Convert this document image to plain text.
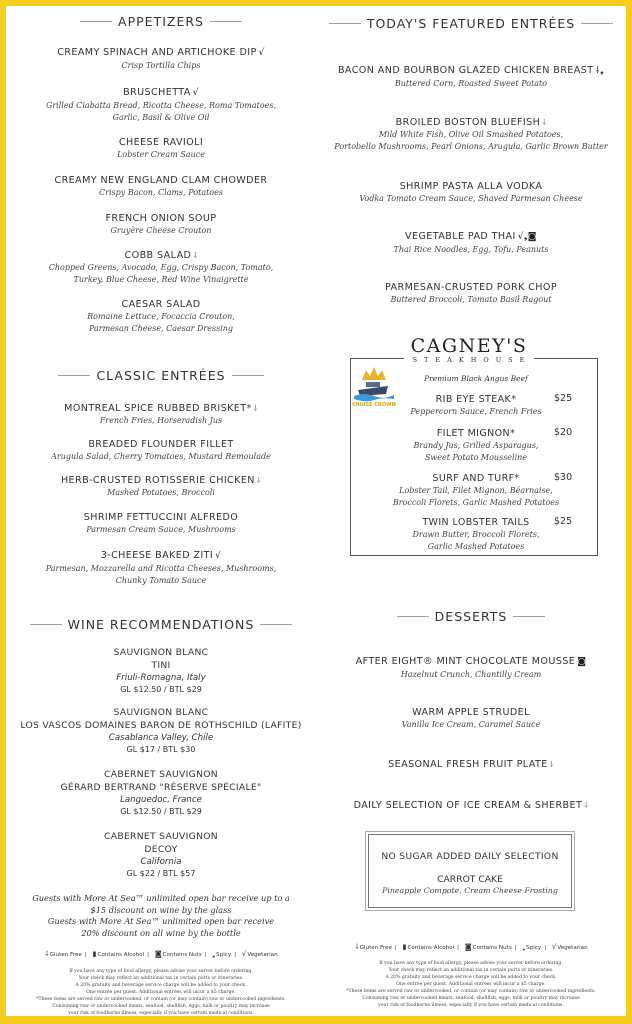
APPETIZERS
CREAMY SPINACH AND ARTICHOKE DIP √
Crisp Tortilla Chips
BRUSCHETTA √
Grilled Ciabatta Bread, Ricotta Cheese, Roma Tomatoes,
Garlic, Basil & Olive Oil
CHEESE RAVIOLI
Lobster Cream Sauce
CREAMY NEW ENGLAND CLAM CHOWDER
Crispy Bacon, Clams, Potatoes
FRENCH ONION SOUP
Gruyère Cheese Crouton
COBB SALAD ⸸
Chopped Greens, Avocado, Egg, Crispy Bacon, Tomato,
Turkey, Blue Cheese, Red Wine Vinaigrette
CAESAR SALAD
Romaine Lettuce, Focaccia Crouton,
Parmesan Cheese, Caesar Dressing
CLASSIC ENTRÉES
MONTREAL SPICE RUBBED BRISKET* ⸸
French Fries, Horseradish Jus
BREADED FLOUNDER FILLET
Arugula Salad, Cherry Tomatoes, Mustard Remoulade
HERB-CRUSTED ROTISSERIE CHICKEN ⸸
Mashed Potatoes, Broccoli
SHRIMP FETTUCCINI ALFREDO
Parmesan Cream Sauce, Mushrooms
3-CHEESE BAKED ZITI √
Parmesan, Mozzarella and Ricotta Cheeses, Mushrooms,
Chunky Tomato Sauce
WINE RECOMMENDATIONS
SAUVIGNON BLANC
TINI
Friuli-Romagna, Italy
GL $12.50 / BTL $29
SAUVIGNON BLANC
LOS VASCOS DOMAINES BARON DE ROTHSCHILD (LAFITE)
Casablanca Valley, Chile
GL $17 / BTL $30
CABERNET SAUVIGNON
GÉRARD BERTRAND "RÉSERVE SPÉCIALE"
Languedoc, France
GL $12.50 / BTL $29
CABERNET SAUVIGNON
DECOY
California
GL $22 / BTL $57
Guests with More At Sea™ unlimited open bar receive up to a
$15 discount on wine by the glass
Guests with More At Sea™ unlimited open bar receive
20% discount on all wine by the bottle
⸸Gluten Free | ▮Contains Alcohol | ◙Contains Nuts | ❟Spicy | √Vegetarian
If you have any type of food allergy, please advise your server before ordering.
Your check may reflect an additional tax in certain ports or itineraries.
A 20% gratuity and beverage service charge will be added to your check.
One entrée per guest. Additional entrées will incur a $5 charge.
*These items are served raw or undercooked, or contain (or may contain) raw or undercooked ingredients.
Consuming raw or undercooked meats, seafood, shellfish, eggs, milk or poultry may increase
your risk of foodborne illness, especially if you have certain medical conditions.
TODAY'S FEATURED ENTRÉES
BACON AND BOURBON GLAZED CHICKEN BREAST ⸸❟
Buttered Corn, Roasted Sweet Potato
BROILED BOSTON BLUEFISH ⸸
Mild White Fish, Olive Oil Smashed Potatoes,
Portobello Mushrooms, Pearl Onions, Arugula, Garlic Brown Butter
SHRIMP PASTA ALLA VODKA
Vodka Tomato Cream Sauce, Shaved Parmesan Cheese
VEGETABLE PAD THAI √❟◙
Thai Rice Noodles, Egg, Tofu, Peanuts
PARMESAN-CRUSTED PORK CHOP
Buttered Broccoli, Tomato Basil Ragout
CAGNEY'S
STEAKHOUSE
Premium Black Angus Beef
CRUISE CROWN	RIB EYE STEAK*
Peppercorn Sauce, French Fries
$25
FILET MIGNON*
Brandy Jus, Grilled Asparagus,
Sweet Potato Mousseline
$20
SURF AND TURF*
Lobster Tail, Filet Mignon, Béarnaise,
Broccoli Florets, Garlic Mashed Potatoes
$30
TWIN LOBSTER TAILS
Drawn Butter, Broccoli Florets,
Garlic Mashed Potatoes
$25
DESSERTS
AFTER EIGHT® MINT CHOCOLATE MOUSSE ◙
Hazelnut Crunch, Chantilly Cream
WARM APPLE STRUDEL
Vanilla Ice Cream, Caramel Sauce
SEASONAL FRESH FRUIT PLATE ⸸
DAILY SELECTION OF ICE CREAM & SHERBET ⸸
NO SUGAR ADDED DAILY SELECTION
CARROT CAKE
Pineapple Compote, Cream Cheese Frosting
⸸Gluten Free | ▮Contains Alcohol | ◙Contains Nuts | ❟Spicy | √Vegetarian
If you have any type of food allergy, please advise your server before ordering.
Your check may reflect an additional tax in certain ports or itineraries.
A 20% gratuity and beverage service charge will be added to your check.
One entrée per guest. Additional entrées will incur a $5 charge.
*These items are served raw or undercooked, or contain (or may contain) raw or undercooked ingredients.
Consuming raw or undercooked meats, seafood, shellfish, eggs, milk or poultry may increase
your risk of foodborne illness, especially if you have certain medical conditions.
